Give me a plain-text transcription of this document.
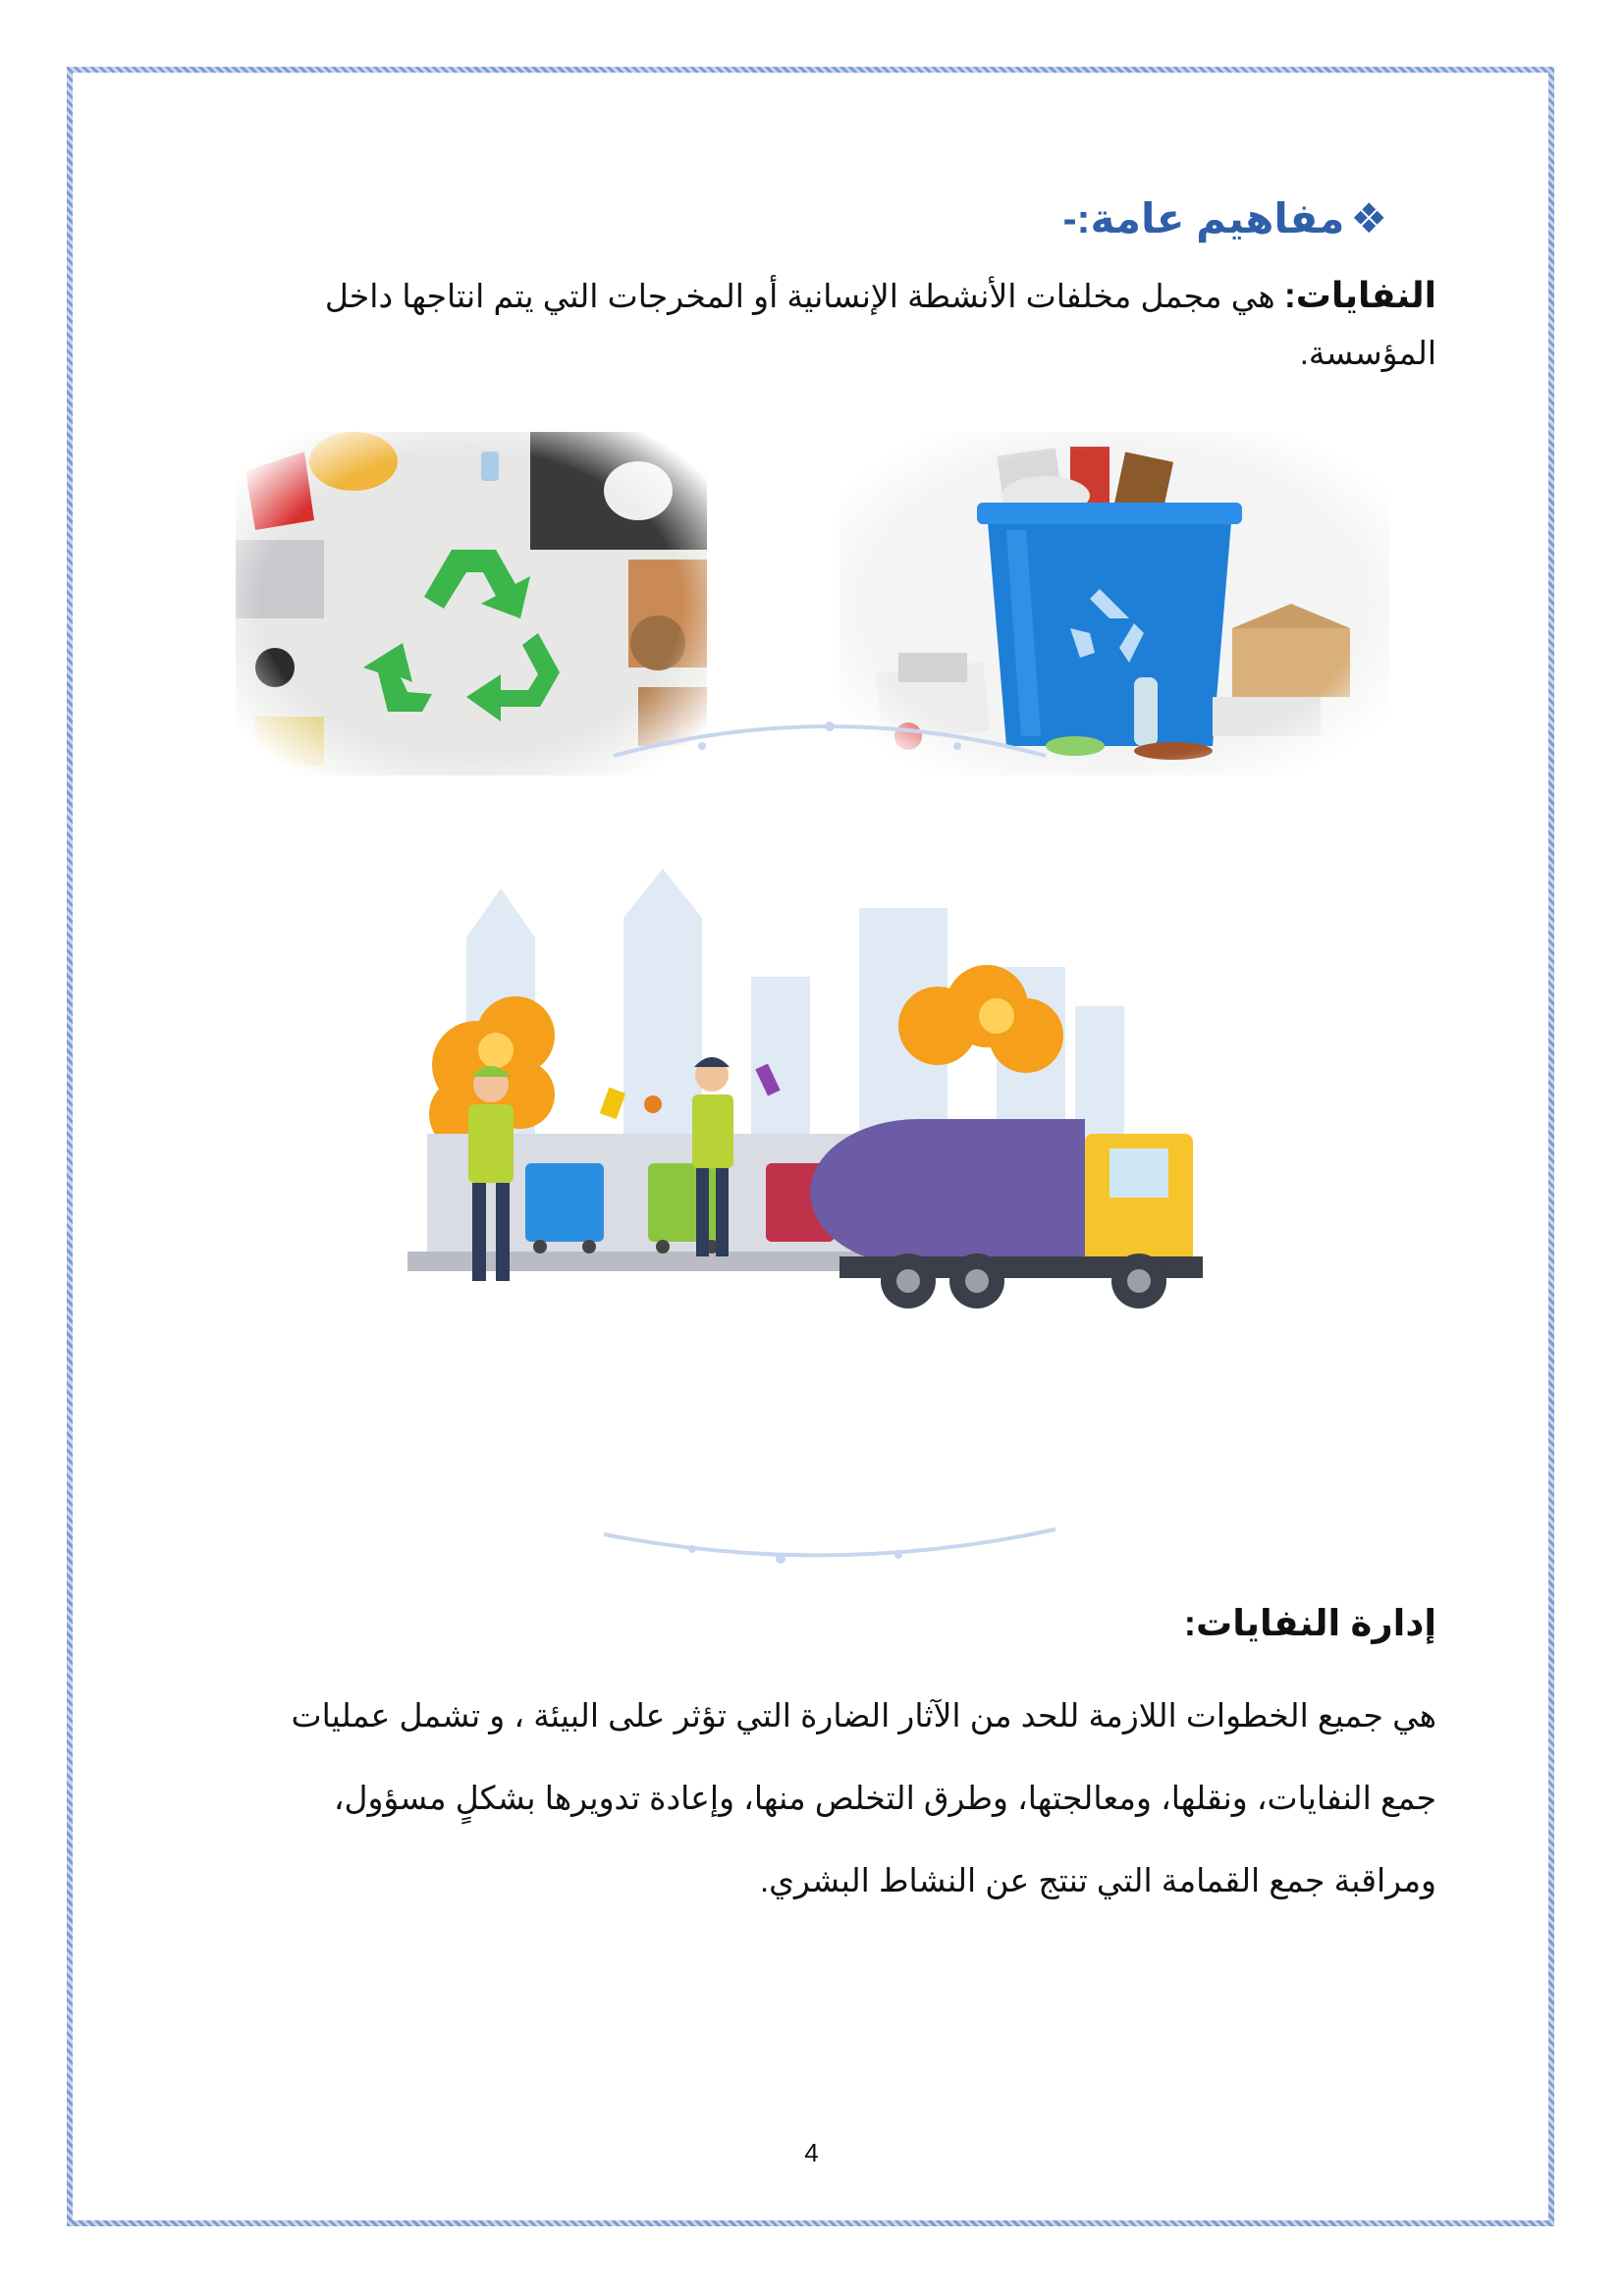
❖مفاهيم عامة:-
النفايات: هي مجمل مخلفات الأنشطة الإنسانية أو المخرجات التي يتم انتاجها داخل المؤسسة.
إدارة النفايات:
هي جميع الخطوات اللازمة للحد من الآثار الضارة التي تؤثر على البيئة ، و تشمل عمليات
جمع النفايات، ونقلها، ومعالجتها، وطرق التخلص منها، وإعادة تدويرها بشكلٍ مسؤول،
ومراقبة جمع القمامة التي تنتج عن النشاط البشري.
4
